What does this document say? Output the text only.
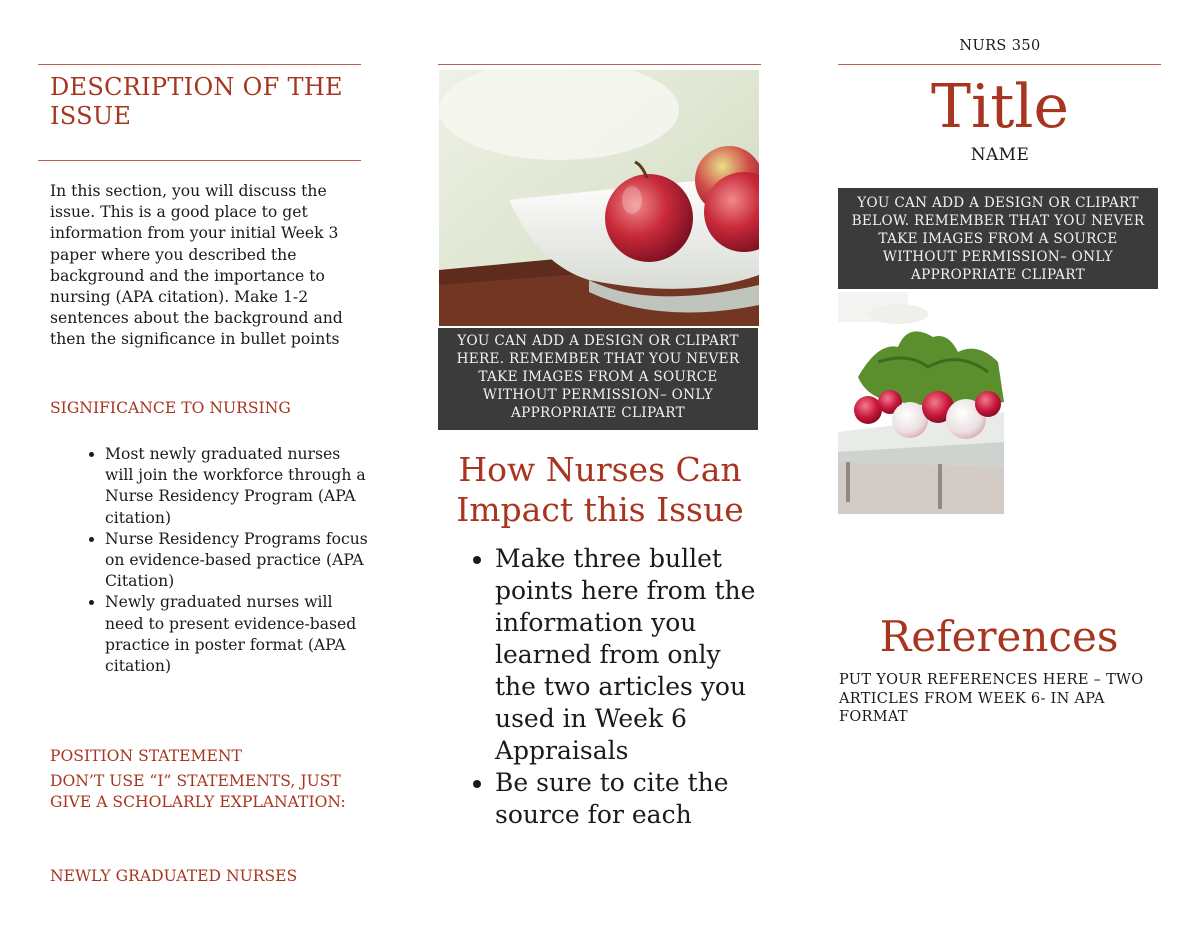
DESCRIPTION OF THE ISSUE
In this section, you will discuss the issue. This is a good place to get information from your initial Week 3 paper where you described the background and the importance to nursing (APA citation). Make 1-2 sentences about the background and then the significance in bullet points
SIGNIFICANCE TO NURSING
• Most newly graduated nurses will join the workforce through a Nurse Residency Program (APA citation)
• Nurse Residency Programs focus on evidence-based practice (APA Citation)
• Newly graduated nurses will need to present evidence-based practice in poster format (APA citation)
POSITION STATEMENT
DON’T USE “I” STATEMENTS, JUST GIVE A SCHOLARLY EXPLANATION:
NEWLY GRADUATED NURSES
YOU CAN ADD A DESIGN OR CLIPART HERE. REMEMBER THAT YOU NEVER TAKE IMAGES FROM A SOURCE WITHOUT PERMISSION– ONLY APPROPRIATE CLIPART
How Nurses Can Impact this Issue
• Make three bullet points here from the information you learned from only the two articles you used in Week 6 Appraisals
• Be sure to cite the source for each
NURS 350
Title
NAME
YOU CAN ADD A DESIGN OR CLIPART BELOW. REMEMBER THAT YOU NEVER TAKE IMAGES FROM A SOURCE WITHOUT PERMISSION– ONLY APPROPRIATE CLIPART
References
PUT YOUR REFERENCES HERE – TWO ARTICLES FROM WEEK 6- IN APA FORMAT
